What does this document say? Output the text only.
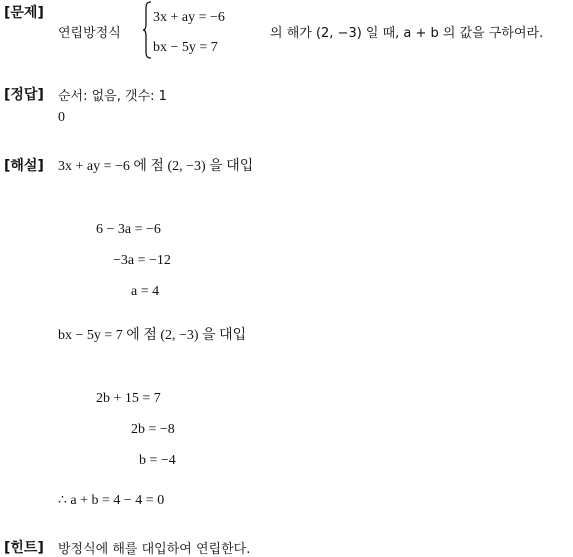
[문제]
연립방정식
3x + ay = −6
bx − 5y = 7
의 해가 (2, −3) 일 때, a + b 의 값을 구하여라.
[정답] 순서: 없음, 갯수: 1
0
[해설] 3x + ay = −6 에 점 (2, −3) 을 대입
6 − 3a = −6
−3a = −12
a = 4
bx − 5y = 7 에 점 (2, −3) 을 대입
2b + 15 = 7
2b = −8
b = −4
∴ a + b = 4 − 4 = 0
[힌트] 방정식에 해를 대입하여 연립한다.
